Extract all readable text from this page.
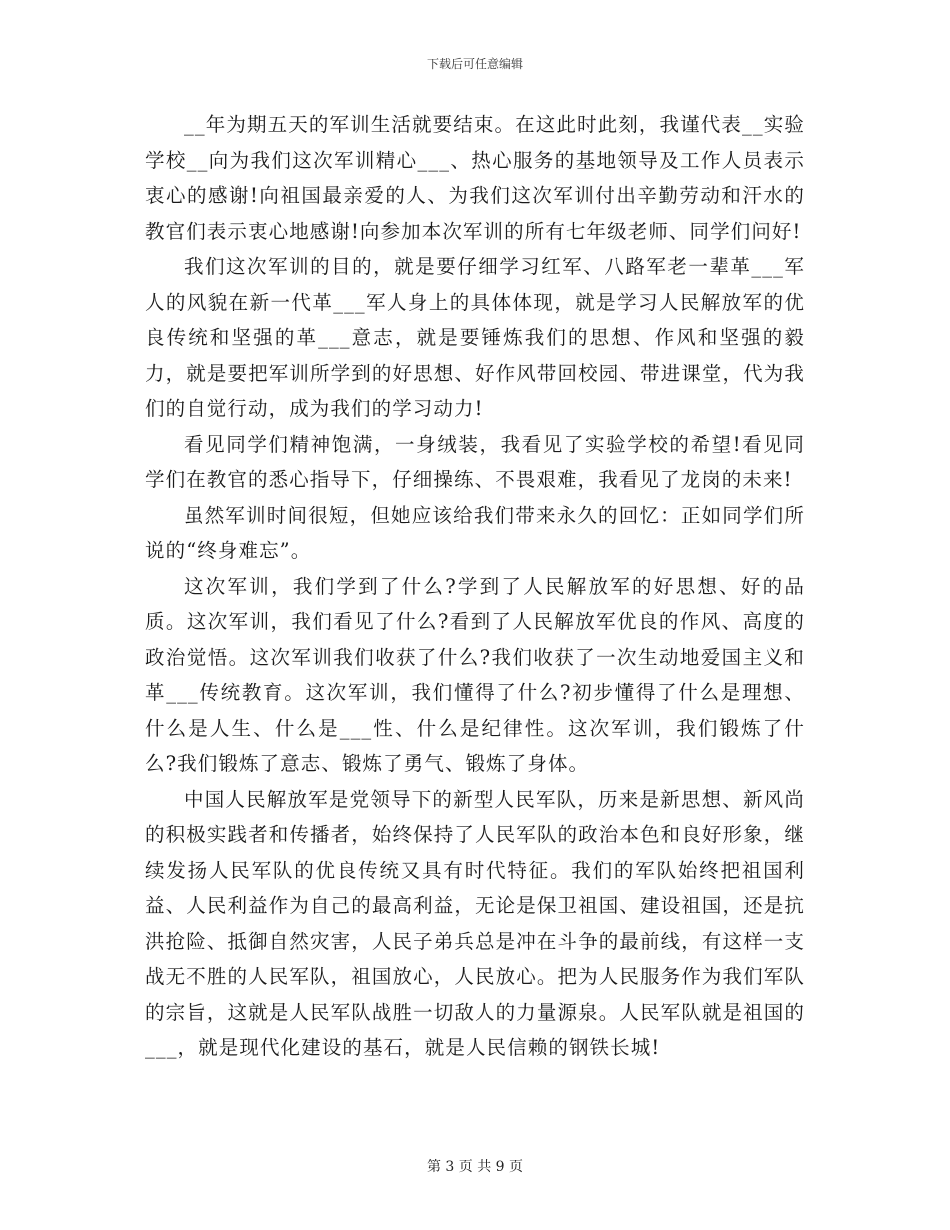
下载后可任意编辑

__年为期五天的军训生活就要结束。在这此时此刻，我谨代表__实验学校__向为我们这次军训精心___、热心服务的基地领导及工作人员表示衷心的感谢!向祖国最亲爱的人、为我们这次军训付出辛勤劳动和汗水的教官们表示衷心地感谢!向参加本次军训的所有七年级老师、同学们问好!

我们这次军训的目的，就是要仔细学习红军、八路军老一辈革___军人的风貌在新一代革___军人身上的具体体现，就是学习人民解放军的优良传统和坚强的革___意志，就是要锤炼我们的思想、作风和坚强的毅力，就是要把军训所学到的好思想、好作风带回校园、带进课堂，代为我们的自觉行动，成为我们的学习动力!

看见同学们精神饱满，一身绒装，我看见了实验学校的希望!看见同学们在教官的悉心指导下，仔细操练、不畏艰难，我看见了龙岗的未来!

虽然军训时间很短，但她应该给我们带来永久的回忆：正如同学们所说的“终身难忘”。

这次军训，我们学到了什么?学到了人民解放军的好思想、好的品质。这次军训，我们看见了什么?看到了人民解放军优良的作风、高度的政治觉悟。这次军训我们收获了什么?我们收获了一次生动地爱国主义和革___传统教育。这次军训，我们懂得了什么?初步懂得了什么是理想、什么是人生、什么是___性、什么是纪律性。这次军训，我们锻炼了什么?我们锻炼了意志、锻炼了勇气、锻炼了身体。

中国人民解放军是党领导下的新型人民军队，历来是新思想、新风尚的积极实践者和传播者，始终保持了人民军队的政治本色和良好形象，继续发扬人民军队的优良传统又具有时代特征。我们的军队始终把祖国利益、人民利益作为自己的最高利益，无论是保卫祖国、建设祖国，还是抗洪抢险、抵御自然灾害，人民子弟兵总是冲在斗争的最前线，有这样一支战无不胜的人民军队，祖国放心，人民放心。把为人民服务作为我们军队的宗旨，这就是人民军队战胜一切敌人的力量源泉。人民军队就是祖国的___，就是现代化建设的基石，就是人民信赖的钢铁长城!

第 3 页 共 9 页
